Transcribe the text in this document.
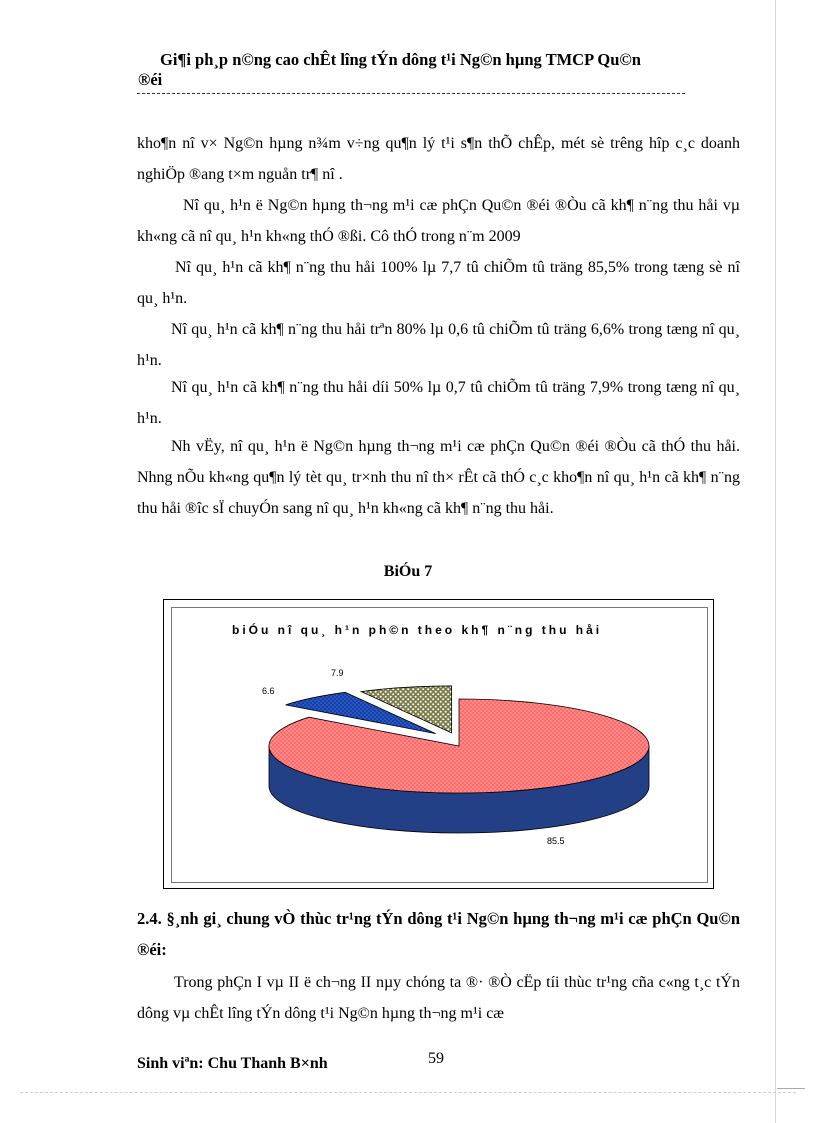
Gi¶i ph¸p n©ng cao chÊt lîng tÝn dông t¹i Ng©n hµng TMCP Qu©n
®éi
kho¶n nî v× Ng©n hµng n¾m v÷ng qu¶n lý t¹i s¶n thÕ chÊp, mét sè trêng hîp c¸c doanh nghiÖp ®ang t×m nguån tr¶ nî .
Nî qu¸ h¹n ë Ng©n hµng th¬ng m¹i cæ phÇn Qu©n ®éi ®Òu cã kh¶ n¨ng thu håi vµ kh«ng cã nî qu¸ h¹n kh«ng thÓ ®ßi. Cô thÓ trong n¨m 2009
Nî qu¸ h¹n cã kh¶ n¨ng thu håi 100% lµ 7,7 tû chiÕm tû träng 85,5% trong tæng sè nî qu¸ h¹n.
Nî qu¸ h¹n cã kh¶ n¨ng thu håi trªn 80% lµ 0,6 tû chiÕm tû träng 6,6% trong tæng nî qu¸ h¹n.
Nî qu¸ h¹n cã kh¶ n¨ng thu håi díi 50% lµ 0,7 tû chiÕm tû träng 7,9% trong tæng nî qu¸ h¹n.
Nh vËy, nî qu¸ h¹n ë Ng©n hµng th¬ng m¹i cæ phÇn Qu©n ®éi ®Òu cã thÓ thu håi. Nhng nÕu kh«ng qu¶n lý tèt qu¸ tr×nh thu nî th× rÊt cã thÓ c¸c kho¶n nî qu¸ h¹n cã kh¶ n¨ng thu håi ®îc sÏ chuyÓn sang nî qu¸ h¹n kh«ng cã kh¶ n¨ng thu håi.
BiÓu 7
biÓu nî qu¸ h¹n ph©n theo kh¶ n¨ng thu håi
85.5
6.6
7.9
2.4. §¸nh gi¸ chung vÒ thùc tr¹ng tÝn dông t¹i Ng©n hµng th¬ng m¹i cæ phÇn Qu©n ®éi:
Trong phÇn I vµ II ë ch¬ng II nµy chóng ta ®· ®Ò cËp tíi thùc tr¹ng cña c«ng t¸c tÝn dông vµ chÊt lîng tÝn dông t¹i Ng©n hµng th¬ng m¹i cæ
Sinh viªn: Chu Thanh B×nh	59
